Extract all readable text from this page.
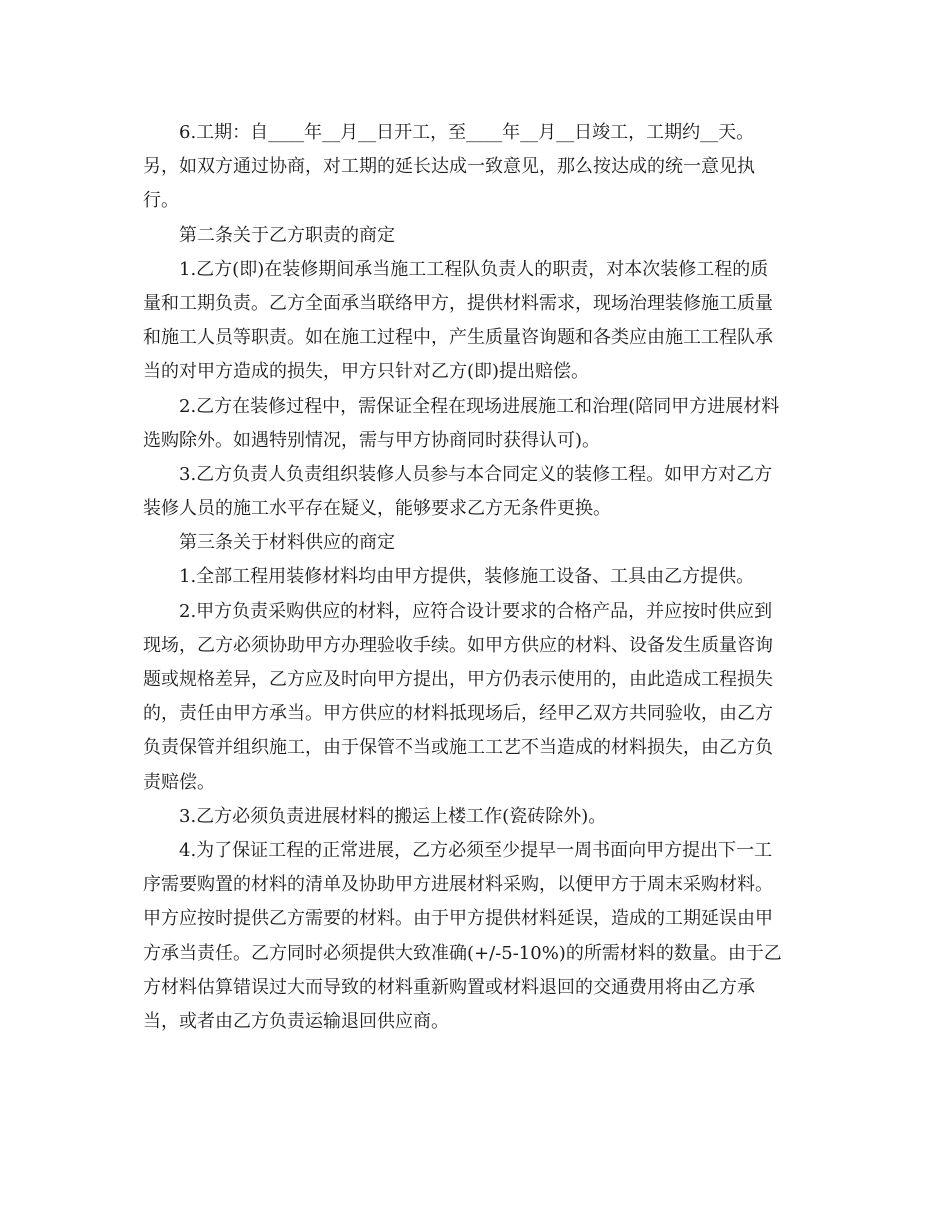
6.工期：自____年__月__日开工，至____年__月__日竣工，工期约__天。
另，如双方通过协商，对工期的延长达成一致意见，那么按达成的统一意见执
行。
第二条关于乙方职责的商定
1.乙方(即)在装修期间承当施工工程队负责人的职责，对本次装修工程的质
量和工期负责。乙方全面承当联络甲方，提供材料需求，现场治理装修施工质量
和施工人员等职责。如在施工过程中，产生质量咨询题和各类应由施工工程队承
当的对甲方造成的损失，甲方只针对乙方(即)提出赔偿。
2.乙方在装修过程中，需保证全程在现场进展施工和治理(陪同甲方进展材料
选购除外。如遇特别情况，需与甲方协商同时获得认可)。
3.乙方负责人负责组织装修人员参与本合同定义的装修工程。如甲方对乙方
装修人员的施工水平存在疑义，能够要求乙方无条件更换。
第三条关于材料供应的商定
1.全部工程用装修材料均由甲方提供，装修施工设备、工具由乙方提供。
2.甲方负责采购供应的材料，应符合设计要求的合格产品，并应按时供应到
现场，乙方必须协助甲方办理验收手续。如甲方供应的材料、设备发生质量咨询
题或规格差异，乙方应及时向甲方提出，甲方仍表示使用的，由此造成工程损失
的，责任由甲方承当。甲方供应的材料抵现场后，经甲乙双方共同验收，由乙方
负责保管并组织施工，由于保管不当或施工工艺不当造成的材料损失，由乙方负
责赔偿。
3.乙方必须负责进展材料的搬运上楼工作(瓷砖除外)。
4.为了保证工程的正常进展，乙方必须至少提早一周书面向甲方提出下一工
序需要购置的材料的清单及协助甲方进展材料采购，以便甲方于周末采购材料。
甲方应按时提供乙方需要的材料。由于甲方提供材料延误，造成的工期延误由甲
方承当责任。乙方同时必须提供大致准确(+/-5-10%)的所需材料的数量。由于乙
方材料估算错误过大而导致的材料重新购置或材料退回的交通费用将由乙方承
当，或者由乙方负责运输退回供应商。
